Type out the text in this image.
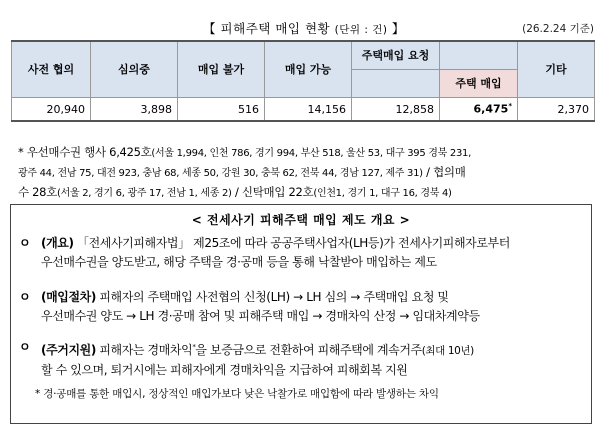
【 피해주택 매입 현황 (단위 : 건) 】	(26.2.24 기준)
사전 협의	심의중	매입 불가	매입 가능	주택매입 요청		기타
					주택 매입	
20,940	3,898	516	14,156	12,858	6,475*	2,370
* 우선매수권 행사 6,425호(서울 1,994, 인천 786, 경기 994, 부산 518, 울산 53, 대구 395 경북 231,
광주 44, 전남 75, 대전 923, 충남 68, 세종 50, 강원 30, 충북 62, 전북 44, 경남 127, 제주 31) / 협의매
수 28호(서울 2, 경기 6, 광주 17, 전남 1, 세종 2) / 신탁매입 22호(인천1, 경기 1, 대구 16, 경북 4)
< 전세사기 피해주택 매입 제도 개요 >
ㅇ (개요) 「전세사기피해자법」 제25조에 따라 공공주택사업자(LH등)가 전세사기피해자로부터
우선매수권을 양도받고, 해당 주택을 경·공매 등을 통해 낙찰받아 매입하는 제도
ㅇ (매입절차) 피해자의 주택매입 사전협의 신청(LH) → LH 심의 → 주택매입 요청 및
우선매수권 양도 → LH 경·공매 참여 및 피해주택 매입 → 경매차익 산정 → 임대차계약등
ㅇ (주거지원) 피해자는 경매차익*을 보증금으로 전환하여 피해주택에 계속거주(최대 10년)
할 수 있으며, 퇴거시에는 피해자에게 경매차익을 지급하여 피해회복 지원
* 경·공매를 통한 매입시, 정상적인 매입가보다 낮은 낙찰가로 매입함에 따라 발생하는 차익
